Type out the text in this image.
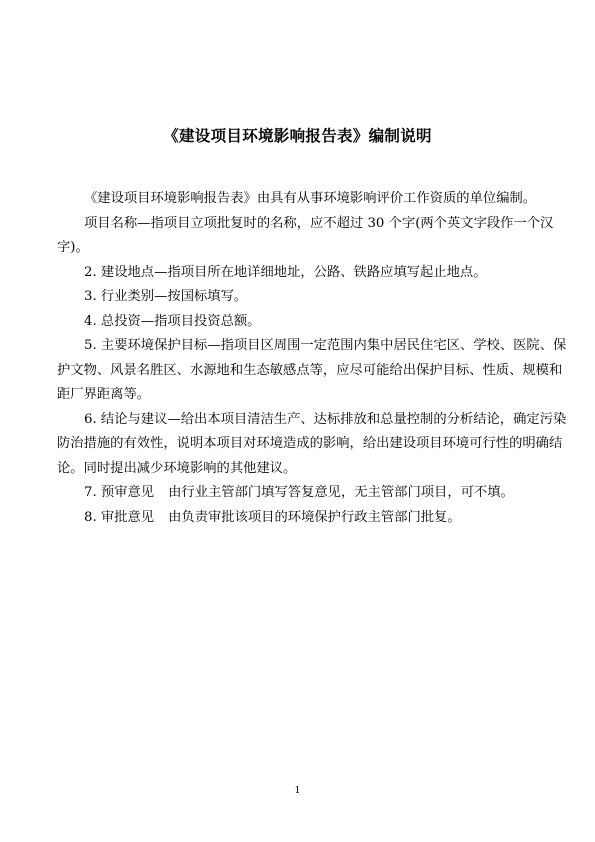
《建设项目环境影响报告表》编制说明

《建设项目环境影响报告表》由具有从事环境影响评价工作资质的单位编制。

项目名称—指项目立项批复时的名称，应不超过 30 个字(两个英文字段作一个汉字)。

2. 建设地点—指项目所在地详细地址，公路、铁路应填写起止地点。

3. 行业类别—按国标填写。

4. 总投资—指项目投资总额。

5. 主要环境保护目标—指项目区周围一定范围内集中居民住宅区、学校、医院、保护文物、风景名胜区、水源地和生态敏感点等，应尽可能给出保护目标、性质、规模和距厂界距离等。

6. 结论与建议—给出本项目清洁生产、达标排放和总量控制的分析结论，确定污染防治措施的有效性，说明本项目对环境造成的影响，给出建设项目环境可行性的明确结论。同时提出减少环境影响的其他建议。

7. 预审意见 由行业主管部门填写答复意见，无主管部门项目，可不填。

8. 审批意见 由负责审批该项目的环境保护行政主管部门批复。

1
